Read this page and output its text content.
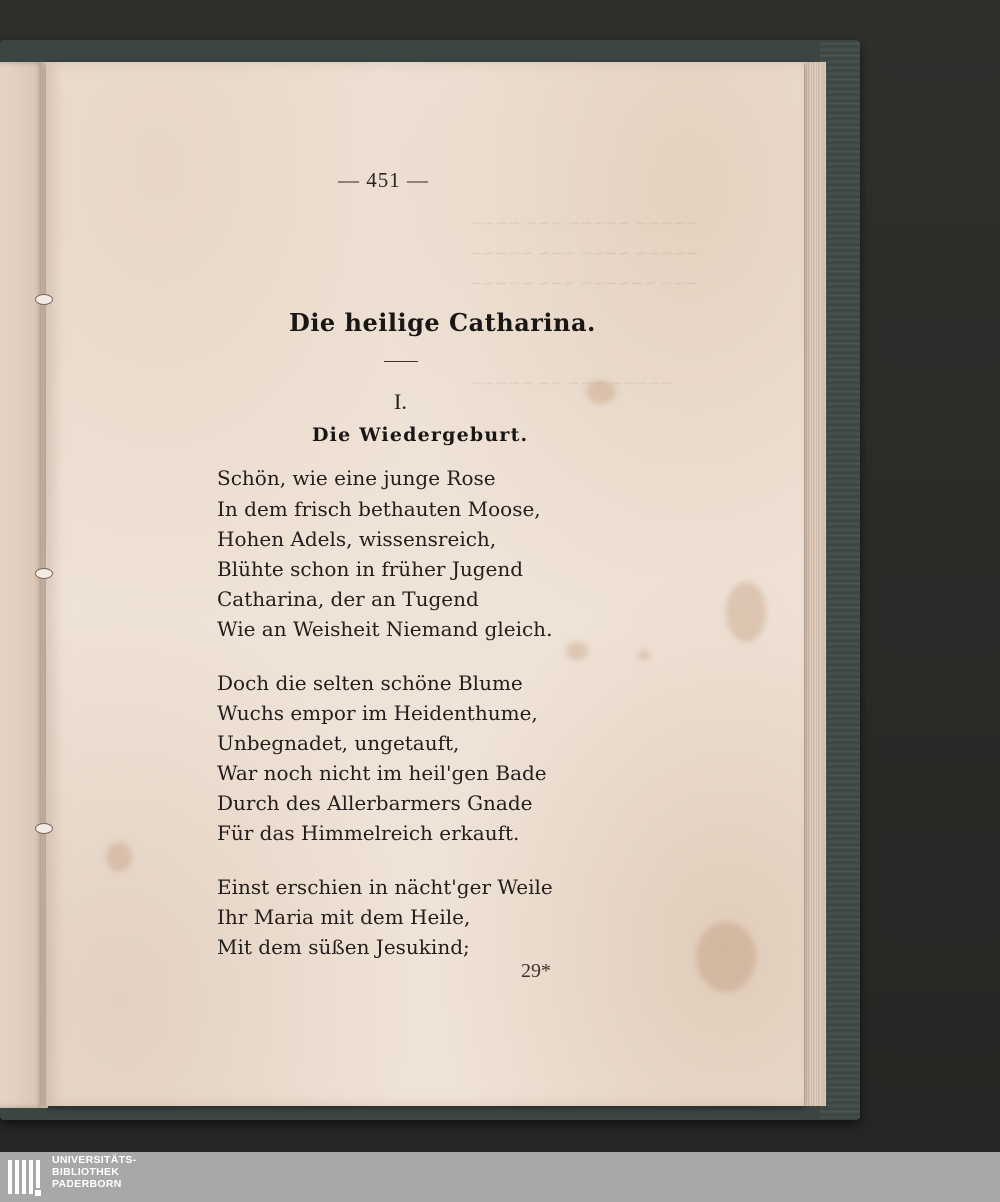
~~~~~ ~~~~~ ~~~ ~~~~
~~~~~ ~~~~ ~~~ ~~~~~
~~~ ~~~~~~ ~~~ ~~~~~
~~~~~ ~~~ ~~ ~~~~~
— 451 —
Die heilige Catharina.
I.
Die Wiedergeburt.
Schön, wie eine junge Rose
In dem frisch bethauten Moose,
Hohen Adels, wissensreich,
Blühte schon in früher Jugend
Catharina, der an Tugend
Wie an Weisheit Niemand gleich.
Doch die selten schöne Blume
Wuchs empor im Heidenthume,
Unbegnadet, ungetauft,
War noch nicht im heil'gen Bade
Durch des Allerbarmers Gnade
Für das Himmelreich erkauft.
Einst erschien in nächt'ger Weile
Ihr Maria mit dem Heile,
Mit dem süßen Jesukind;
29*
UNIVERSITÄTS-
BIBLIOTHEK
PADERBORN
